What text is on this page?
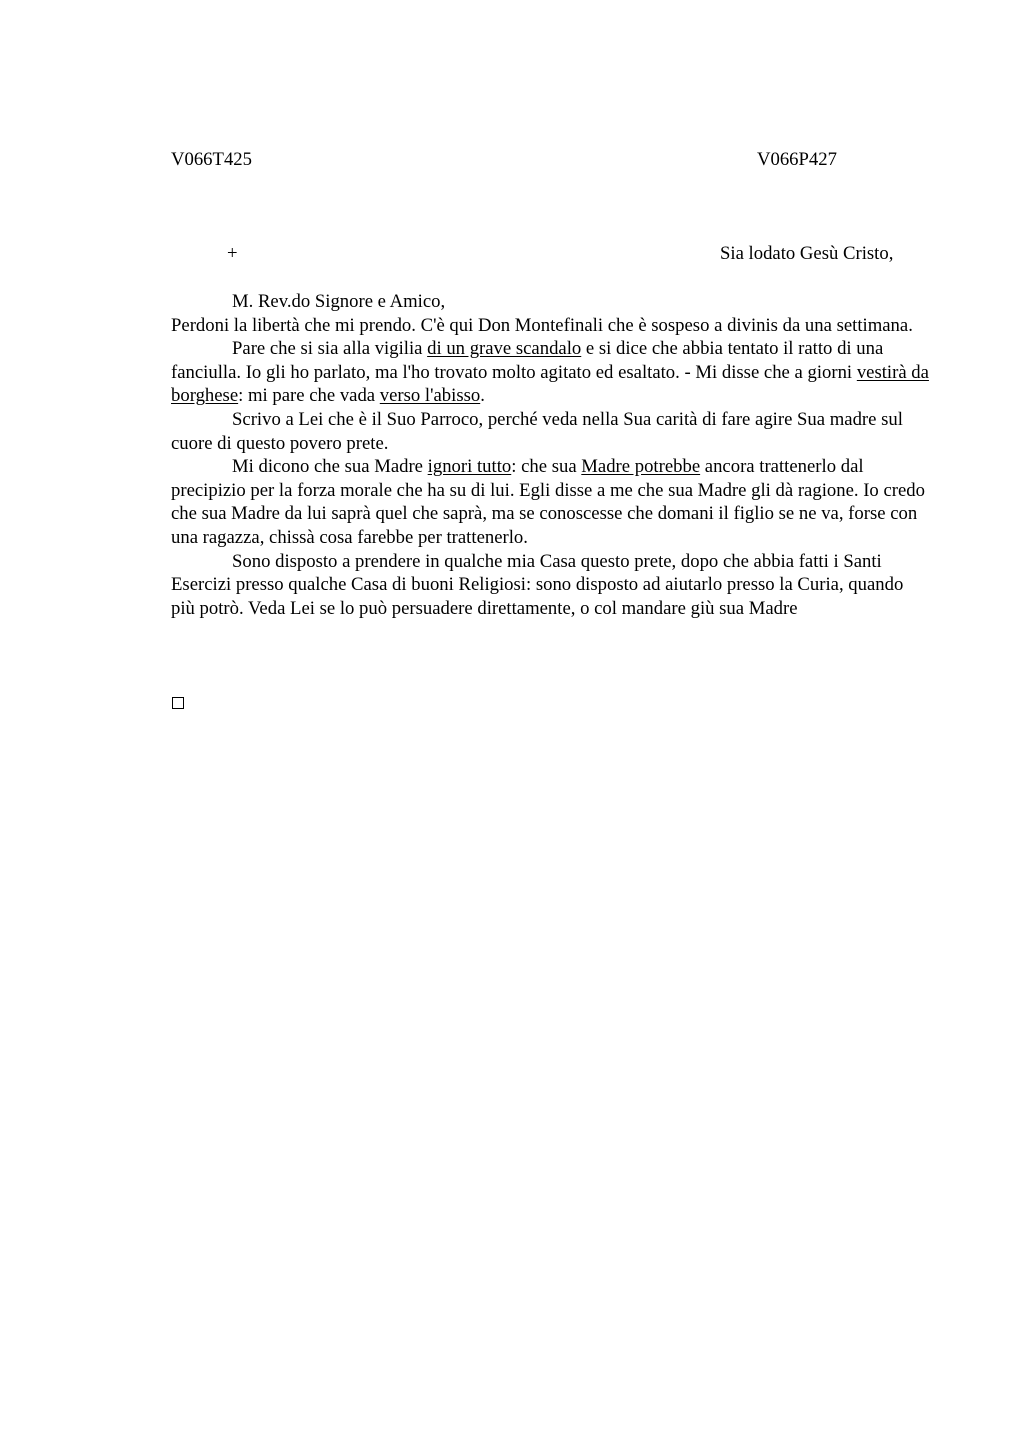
V066T425	V066P427
+	Sia lodato Gesù Cristo,

M. Rev.do Signore e Amico,

Perdoni la libertà che mi prendo. C'è qui Don Montefinali che è sospeso a divinis da una settimana.

Pare che si sia alla vigilia di un grave scandalo e si dice che abbia tentato il ratto di una fanciulla. Io gli ho parlato, ma l'ho trovato molto agitato ed esaltato. - Mi disse che a giorni vestirà da borghese: mi pare che vada verso l'abisso.

Scrivo a Lei che è il Suo Parroco, perché veda nella Sua carità di fare agire Sua madre sul cuore di questo povero prete.

Mi dicono che sua Madre ignori tutto: che sua Madre potrebbe ancora trattenerlo dal precipizio per la forza morale che ha su di lui. Egli disse a me che sua Madre gli dà ragione. Io credo che sua Madre da lui saprà quel che saprà, ma se conoscesse che domani il figlio se ne va, forse con una ragazza, chissà cosa farebbe per trattenerlo.

Sono disposto a prendere in qualche mia Casa questo prete, dopo che abbia fatti i Santi Esercizi presso qualche Casa di buoni Religiosi: sono disposto ad aiutarlo presso la Curia, quando più potrò. Veda Lei se lo può persuadere direttamente, o col mandare giù sua Madre
